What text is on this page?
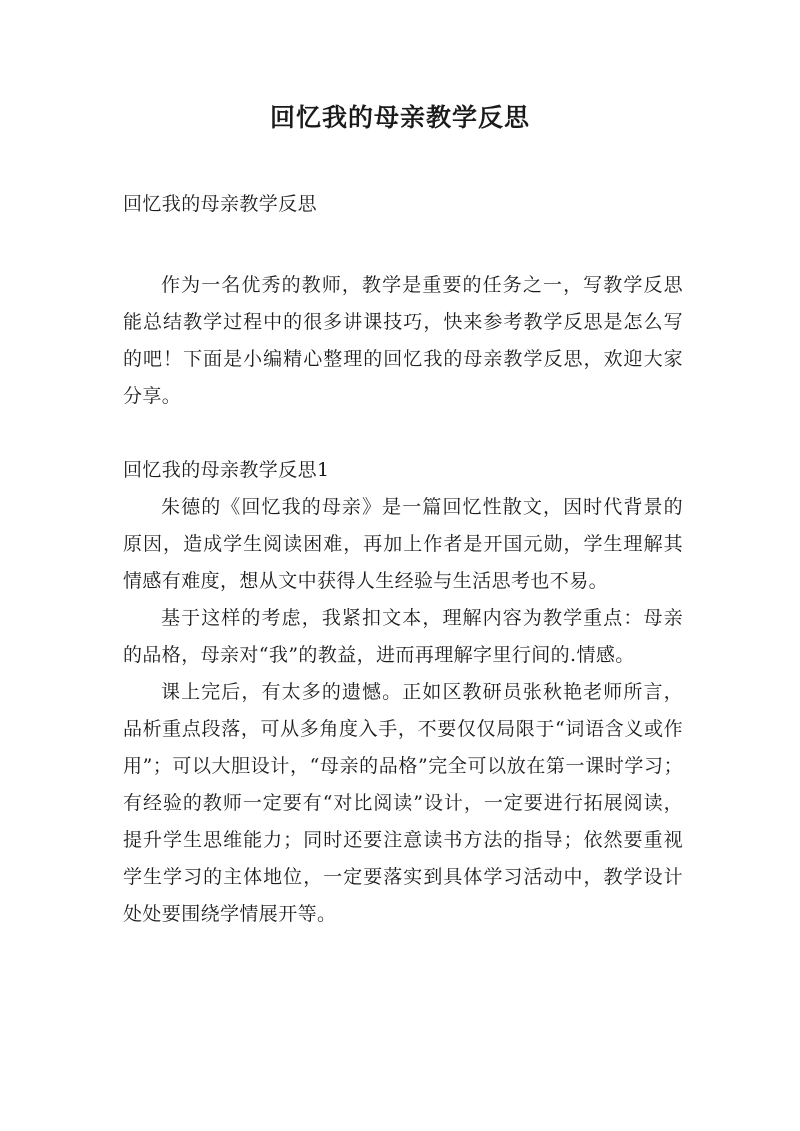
回忆我的母亲教学反思

回忆我的母亲教学反思

作为一名优秀的教师，教学是重要的任务之一，写教学反思能总结教学过程中的很多讲课技巧，快来参考教学反思是怎么写的吧！下面是小编精心整理的回忆我的母亲教学反思，欢迎大家分享。

回忆我的母亲教学反思1

朱德的《回忆我的母亲》是一篇回忆性散文，因时代背景的原因，造成学生阅读困难，再加上作者是开国元勋，学生理解其情感有难度，想从文中获得人生经验与生活思考也不易。

基于这样的考虑，我紧扣文本，理解内容为教学重点：母亲的品格，母亲对“我”的教益，进而再理解字里行间的.情感。

课上完后，有太多的遗憾。正如区教研员张秋艳老师所言，品析重点段落，可从多角度入手，不要仅仅局限于“词语含义或作用”；可以大胆设计，“母亲的品格”完全可以放在第一课时学习；有经验的教师一定要有“对比阅读”设计，一定要进行拓展阅读，提升学生思维能力；同时还要注意读书方法的指导；依然要重视学生学习的主体地位，一定要落实到具体学习活动中，教学设计处处要围绕学情展开等。
